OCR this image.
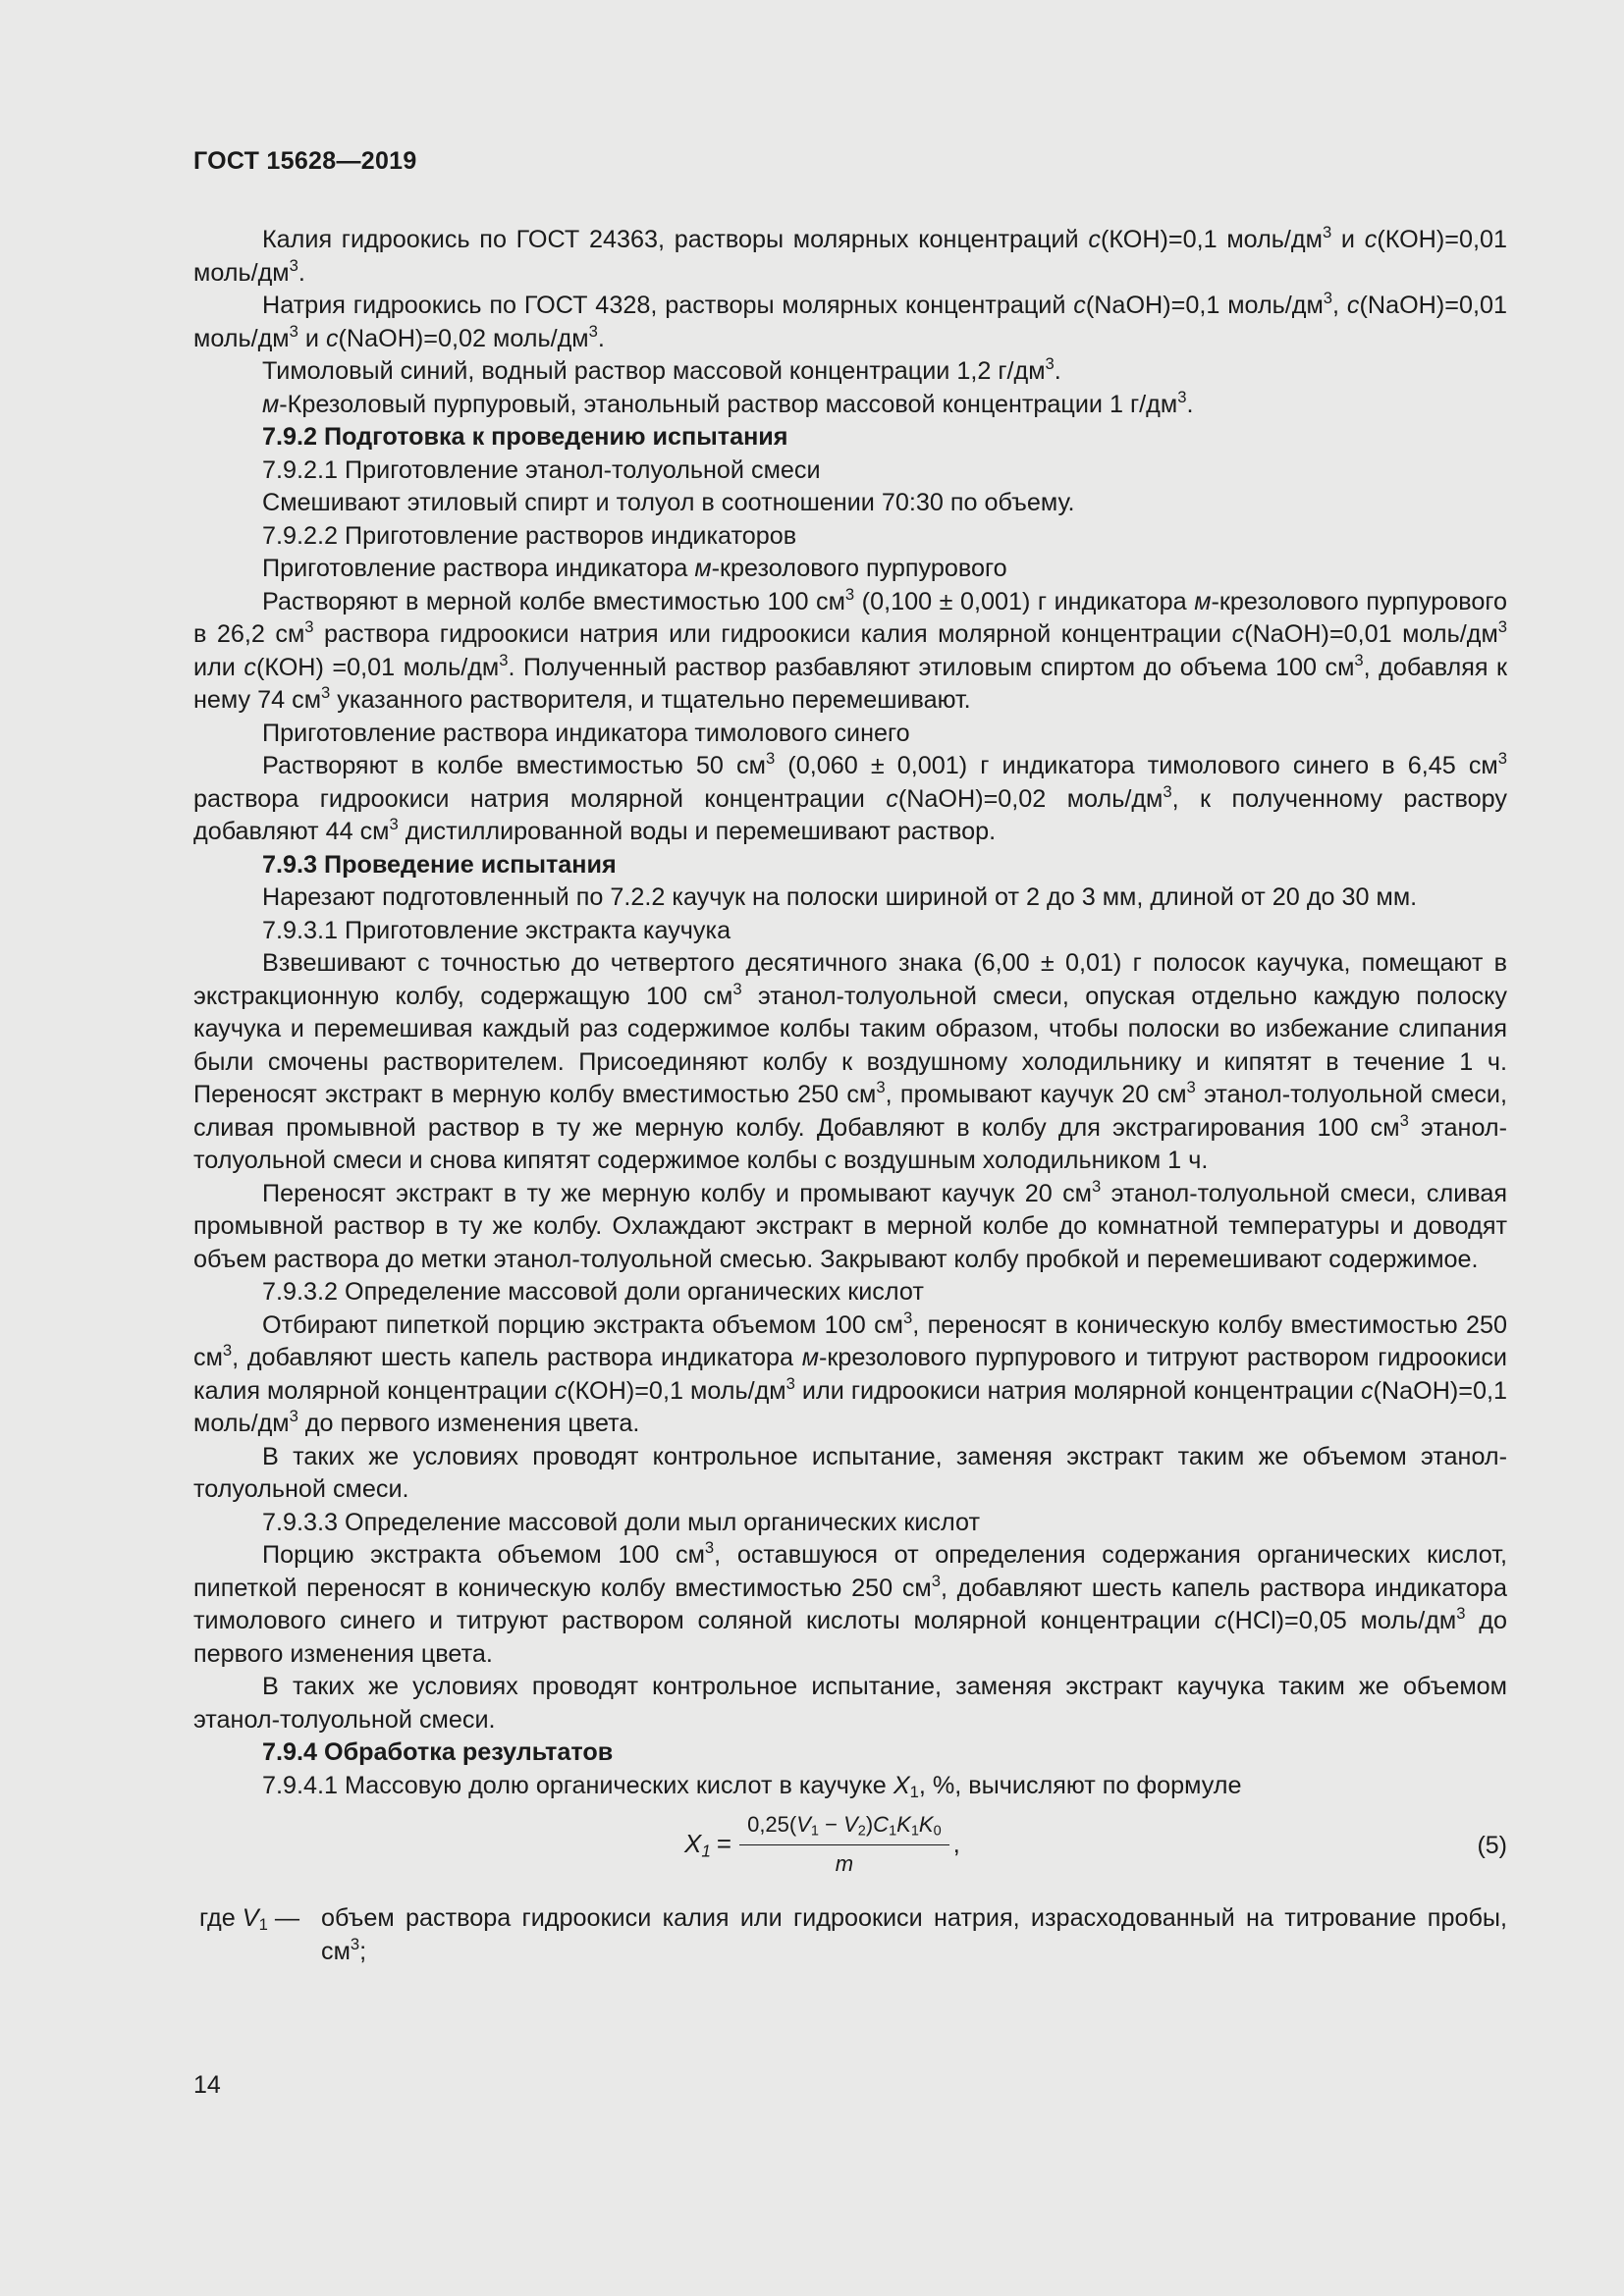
ГОСТ 15628—2019

Калия гидроокись по ГОСТ 24363, растворы молярных концентраций c(КОН)=0,1 моль/$дм^3$ и c(КОН)=0,01 моль/$дм^3$.

Натрия гидроокись по ГОСТ 4328, растворы молярных концентраций c(NaOH)=0,1 моль/$дм^3$, c(NaOH)=0,01 моль/$дм^3$ и c(NaOH)=0,02 моль/$дм^3$.

Тимоловый синий, водный раствор массовой концентрации 1,2 $г/дм^3$.

м-Крезоловый пурпуровый, этанольный раствор массовой концентрации 1 $г/дм^3$.

7.9.2 Подготовка к проведению испытания

7.9.2.1 Приготовление этанол-толуольной смеси

Смешивают этиловый спирт и толуол в соотношении 70:30 по объему.

7.9.2.2 Приготовление растворов индикаторов

Приготовление раствора индикатора м-крезолового пурпурового

Растворяют в мерной колбе вместимостью 100 $см^3$ (0,100 ± 0,001) г индикатора м-крезолового пурпурового в 26,2 $см^3$ раствора гидроокиси натрия или гидроокиси калия молярной концентрации c(NaOH)=0,01 моль/$дм^3$ или c(КОН) =0,01 моль/$дм^3$. Полученный раствор разбавляют этиловым спиртом до объема 100 $см^3$, добавляя к нему 74 $см^3$ указанного растворителя, и тщательно перемешивают.

Приготовление раствора индикатора тимолового синего

Растворяют в колбе вместимостью 50 $см^3$ (0,060 ± 0,001) г индикатора тимолового синего в 6,45 $см^3$ раствора гидроокиси натрия молярной концентрации c(NaOH)=0,02 моль/$дм^3$, к полученному раствору добавляют 44 $см^3$ дистиллированной воды и перемешивают раствор.

7.9.3 Проведение испытания

Нарезают подготовленный по 7.2.2 каучук на полоски шириной от 2 до 3 мм, длиной от 20 до 30 мм.

7.9.3.1 Приготовление экстракта каучука

Взвешивают с точностью до четвертого десятичного знака (6,00 ± 0,01) г полосок каучука, помещают в экстракционную колбу, содержащую 100 $см^3$ этанол-толуольной смеси, опуская отдельно каждую полоску каучука и перемешивая каждый раз содержимое колбы таким образом, чтобы полоски во избежание слипания были смочены растворителем. Присоединяют колбу к воздушному холодильнику и кипятят в течение 1 ч. Переносят экстракт в мерную колбу вместимостью 250 $см^3$, промывают каучук 20 $см^3$ этанол-толуольной смеси, сливая промывной раствор в ту же мерную колбу. Добавляют в колбу для экстрагирования 100 $см^3$ этанол-толуольной смеси и снова кипятят содержимое колбы с воздушным холодильником 1 ч.

Переносят экстракт в ту же мерную колбу и промывают каучук 20 $см^3$ этанол-толуольной смеси, сливая промывной раствор в ту же колбу. Охлаждают экстракт в мерной колбе до комнатной температуры и доводят объем раствора до метки этанол-толуольной смесью. Закрывают колбу пробкой и перемешивают содержимое.

7.9.3.2 Определение массовой доли органических кислот

Отбирают пипеткой порцию экстракта объемом 100 $см^3$, переносят в коническую колбу вместимостью 250 $см^3$, добавляют шесть капель раствора индикатора м-крезолового пурпурового и титруют раствором гидроокиси калия молярной концентрации c(КОН)=0,1 моль/$дм^3$ или гидроокиси натрия молярной концентрации c(NaOH)=0,1 моль/$дм^3$ до первого изменения цвета.

В таких же условиях проводят контрольное испытание, заменяя экстракт таким же объемом этанол-толуольной смеси.

7.9.3.3 Определение массовой доли мыл органических кислот

Порцию экстракта объемом 100 $см^3$, оставшуюся от определения содержания органических кислот, пипеткой переносят в коническую колбу вместимостью 250 $см^3$, добавляют шесть капель раствора индикатора тимолового синего и титруют раствором соляной кислоты молярной концентрации c(HCl)=0,05 моль/$дм^3$ до первого изменения цвета.

В таких же условиях проводят контрольное испытание, заменяя экстракт каучука таким же объемом этанол-толуольной смеси.

7.9.4 Обработка результатов

7.9.4.1 Массовую долю органических кислот в каучуке $X_1$, %, вычисляют по формуле

$X_1 = \frac{0,25(V_1 - V_2)C_1K_1K_0}{m}$ ,	(5)
где $V_1$ — объем раствора гидроокиси калия или гидроокиси натрия, израсходованный на титрование пробы, $см^3$;
14
